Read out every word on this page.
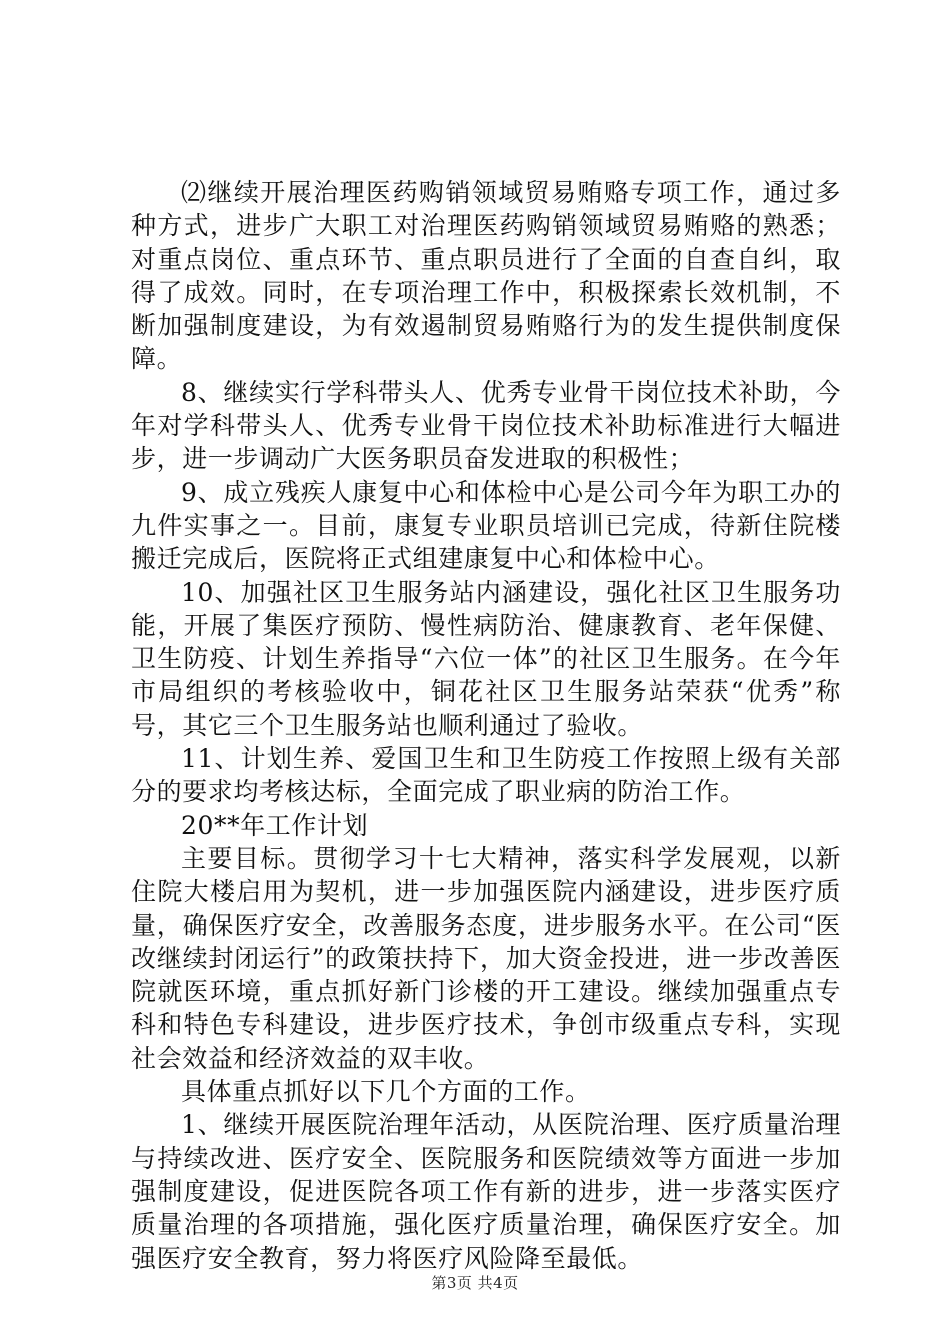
⑵继续开展治理医药购销领域贸易贿赂专项工作，通过多种方式，进步广大职工对治理医药购销领域贸易贿赂的熟悉；对重点岗位、重点环节、重点职员进行了全面的自查自纠，取得了成效。同时，在专项治理工作中，积极探索长效机制，不断加强制度建设，为有效遏制贸易贿赂行为的发生提供制度保障。

8、继续实行学科带头人、优秀专业骨干岗位技术补助，今年对学科带头人、优秀专业骨干岗位技术补助标准进行大幅进步，进一步调动广大医务职员奋发进取的积极性；

9、成立残疾人康复中心和体检中心是公司今年为职工办的九件实事之一。目前，康复专业职员培训已完成，待新住院楼搬迁完成后，医院将正式组建康复中心和体检中心。

10、加强社区卫生服务站内涵建设，强化社区卫生服务功能，开展了集医疗预防、慢性病防治、健康教育、老年保健、卫生防疫、计划生养指导“六位一体”的社区卫生服务。在今年市局组织的考核验收中，铜花社区卫生服务站荣获“优秀”称号，其它三个卫生服务站也顺利通过了验收。

11、计划生养、爱国卫生和卫生防疫工作按照上级有关部分的要求均考核达标，全面完成了职业病的防治工作。

20**年工作计划

主要目标。贯彻学习十七大精神，落实科学发展观，以新住院大楼启用为契机，进一步加强医院内涵建设，进步医疗质量，确保医疗安全，改善服务态度，进步服务水平。在公司“医改继续封闭运行”的政策扶持下，加大资金投进，进一步改善医院就医环境，重点抓好新门诊楼的开工建设。继续加强重点专科和特色专科建设，进步医疗技术，争创市级重点专科，实现社会效益和经济效益的双丰收。

具体重点抓好以下几个方面的工作。

1、继续开展医院治理年活动，从医院治理、医疗质量治理与持续改进、医疗安全、医院服务和医院绩效等方面进一步加强制度建设，促进医院各项工作有新的进步，进一步落实医疗质量治理的各项措施，强化医疗质量治理，确保医疗安全。加强医疗安全教育，努力将医疗风险降至最低。

第3页 共4页
